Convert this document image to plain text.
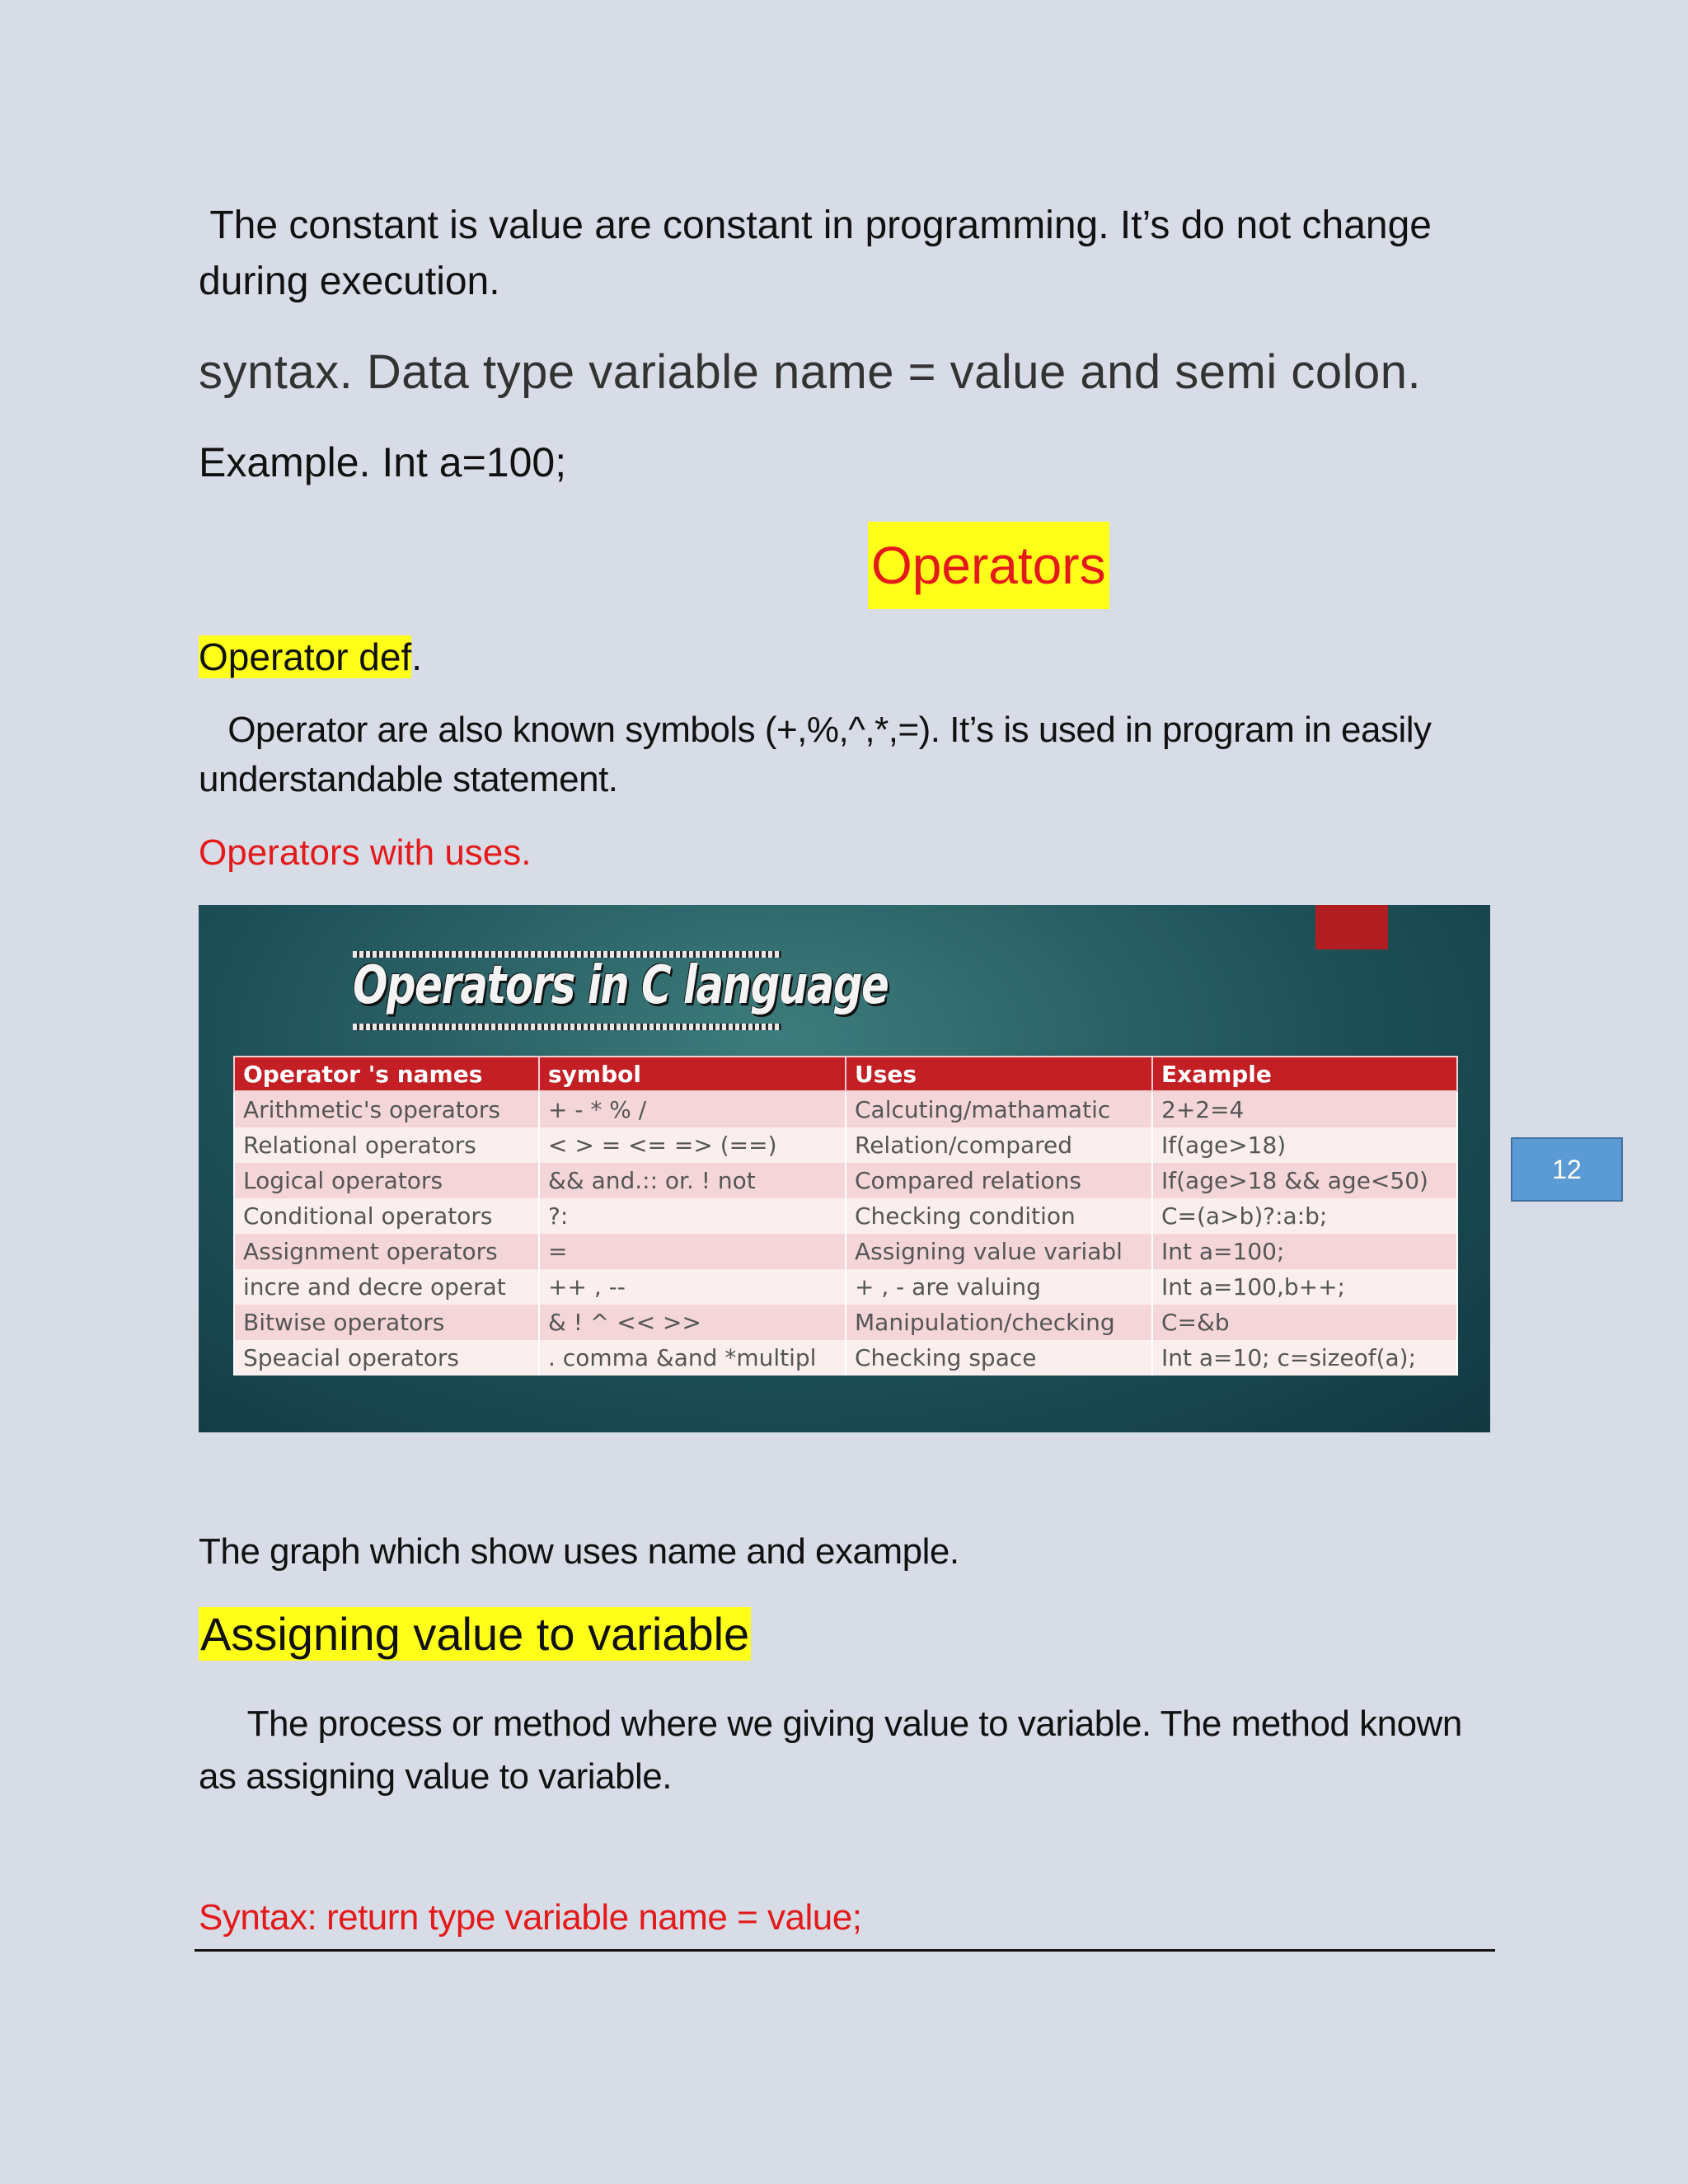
The constant is value are constant in programming. It’s do not change during execution.

syntax. Data type variable name = value and semi colon.

Example. Int a=100;

Operators

Operator def.

Operator are also known symbols (+,%,^,*,=). It’s is used in program in easily understandable statement.

Operators with uses.

Operators in C language
Operator 's names	symbol	Uses	Example
Arithmetic's operators	+ - * % /	Calcuting/mathamatic	2+2=4
Relational operators	< > = <= => (==)	Relation/compared	If(age>18)
Logical operators	&& and.:: or. ! not	Compared relations	If(age>18 && age<50)
Conditional operators	?:	Checking condition	C=(a>b)?:a:b;
Assignment operators	=	Assigning value variabl	Int a=100;
incre and decre operat	++ , --	+ , - are valuing	Int a=100,b++;
Bitwise operators	& ! ^ << >>	Manipulation/checking	C=&b
Speacial operators	. comma &and *multipl	Checking space	Int a=10; c=sizeof(a);
12

The graph which show uses name and example.

Assigning value to variable

The process or method where we giving value to variable. The method known as assigning value to variable.

Syntax: return type variable name = value;
